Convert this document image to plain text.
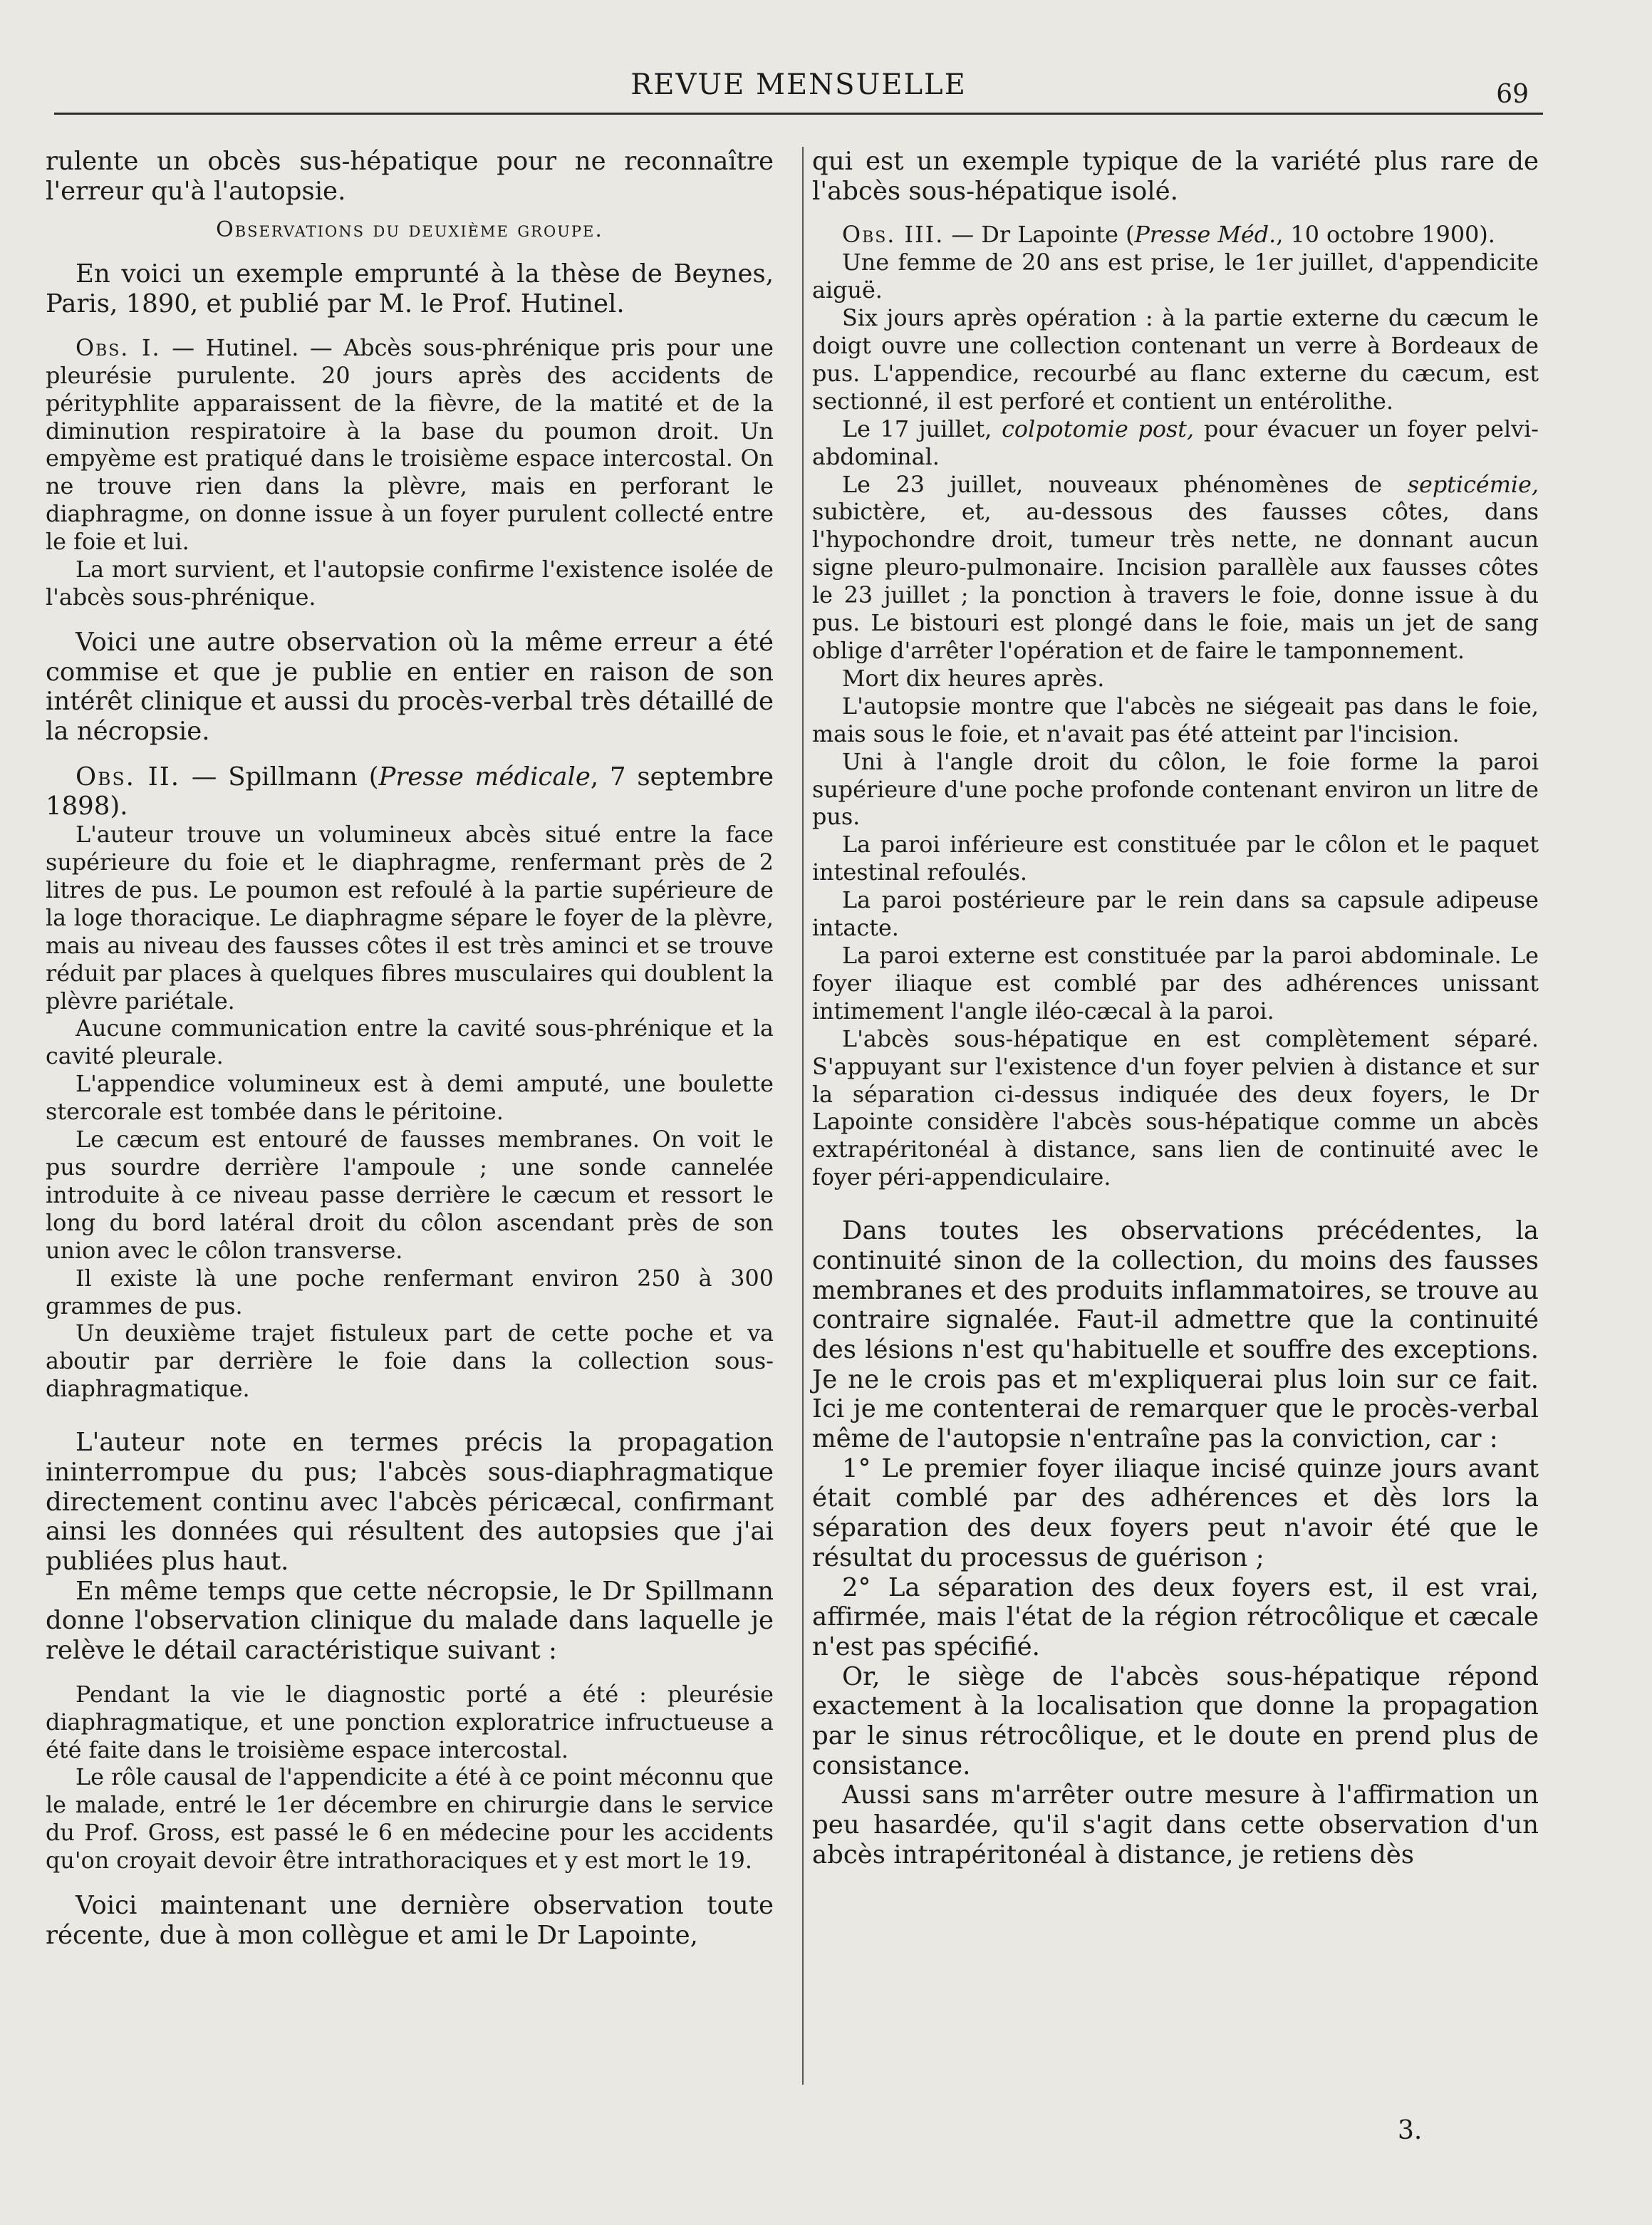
REVUE MENSUELLE	69

rulente un obcès sus-hépatique pour ne reconnaître l'erreur qu'à l'autopsie.

Observations du deuxième groupe.

En voici un exemple emprunté à la thèse de Beynes, Paris, 1890, et publié par M. le Prof. Hutinel.

Obs. I. — Hutinel. — Abcès sous-phrénique pris pour une pleurésie purulente. 20 jours après des accidents de pérityphlite apparaissent de la fièvre, de la matité et de la diminution respiratoire à la base du poumon droit. Un empyème est pratiqué dans le troisième espace intercostal. On ne trouve rien dans la plèvre, mais en perforant le diaphragme, on donne issue à un foyer purulent collecté entre le foie et lui.

La mort survient, et l'autopsie confirme l'existence isolée de l'abcès sous-phrénique.

Voici une autre observation où la même erreur a été commise et que je publie en entier en raison de son intérêt clinique et aussi du procès-verbal très détaillé de la nécropsie.

Obs. II. — Spillmann (Presse médicale, 7 septembre 1898).

L'auteur trouve un volumineux abcès situé entre la face supérieure du foie et le diaphragme, renfermant près de 2 litres de pus. Le poumon est refoulé à la partie supérieure de la loge thoracique. Le diaphragme sépare le foyer de la plèvre, mais au niveau des fausses côtes il est très aminci et se trouve réduit par places à quelques fibres musculaires qui doublent la plèvre pariétale.

Aucune communication entre la cavité sous-phrénique et la cavité pleurale.

L'appendice volumineux est à demi amputé, une boulette stercorale est tombée dans le péritoine.

Le cæcum est entouré de fausses membranes. On voit le pus sourdre derrière l'ampoule ; une sonde cannelée introduite à ce niveau passe derrière le cæcum et ressort le long du bord latéral droit du côlon ascendant près de son union avec le côlon transverse.

Il existe là une poche renfermant environ 250 à 300 grammes de pus.

Un deuxième trajet fistuleux part de cette poche et va aboutir par derrière le foie dans la collection sous-diaphragmatique.

L'auteur note en termes précis la propagation ininterrompue du pus; l'abcès sous-diaphragmatique directement continu avec l'abcès péricæcal, confirmant ainsi les données qui résultent des autopsies que j'ai publiées plus haut.

En même temps que cette nécropsie, le Dr Spillmann donne l'observation clinique du malade dans laquelle je relève le détail caractéristique suivant :

Pendant la vie le diagnostic porté a été : pleurésie diaphragmatique, et une ponction exploratrice infructueuse a été faite dans le troisième espace intercostal.

Le rôle causal de l'appendicite a été à ce point méconnu que le malade, entré le 1er décembre en chirurgie dans le service du Prof. Gross, est passé le 6 en médecine pour les accidents qu'on croyait devoir être intrathoraciques et y est mort le 19.

Voici maintenant une dernière observation toute récente, due à mon collègue et ami le Dr Lapointe,

qui est un exemple typique de la variété plus rare de l'abcès sous-hépatique isolé.

Obs. III. — Dr Lapointe (Presse Méd., 10 octobre 1900).

Une femme de 20 ans est prise, le 1er juillet, d'appendicite aiguë.

Six jours après opération : à la partie externe du cæcum le doigt ouvre une collection contenant un verre à Bordeaux de pus. L'appendice, recourbé au flanc externe du cæcum, est sectionné, il est perforé et contient un entérolithe.

Le 17 juillet, colpotomie post, pour évacuer un foyer pelvi-abdominal.

Le 23 juillet, nouveaux phénomènes de septicémie, subictère, et, au-dessous des fausses côtes, dans l'hypochondre droit, tumeur très nette, ne donnant aucun signe pleuro-pulmonaire. Incision parallèle aux fausses côtes le 23 juillet ; la ponction à travers le foie, donne issue à du pus. Le bistouri est plongé dans le foie, mais un jet de sang oblige d'arrêter l'opération et de faire le tamponnement.

Mort dix heures après.

L'autopsie montre que l'abcès ne siégeait pas dans le foie, mais sous le foie, et n'avait pas été atteint par l'incision.

Uni à l'angle droit du côlon, le foie forme la paroi supérieure d'une poche profonde contenant environ un litre de pus.

La paroi inférieure est constituée par le côlon et le paquet intestinal refoulés.

La paroi postérieure par le rein dans sa capsule adipeuse intacte.

La paroi externe est constituée par la paroi abdominale. Le foyer iliaque est comblé par des adhérences unissant intimement l'angle iléo-cæcal à la paroi.

L'abcès sous-hépatique en est complètement séparé. S'appuyant sur l'existence d'un foyer pelvien à distance et sur la séparation ci-dessus indiquée des deux foyers, le Dr Lapointe considère l'abcès sous-hépatique comme un abcès extrapéritonéal à distance, sans lien de continuité avec le foyer péri-appendiculaire.

Dans toutes les observations précédentes, la continuité sinon de la collection, du moins des fausses membranes et des produits inflammatoires, se trouve au contraire signalée. Faut-il admettre que la continuité des lésions n'est qu'habituelle et souffre des exceptions. Je ne le crois pas et m'expliquerai plus loin sur ce fait. Ici je me contenterai de remarquer que le procès-verbal même de l'autopsie n'entraîne pas la conviction, car :

1° Le premier foyer iliaque incisé quinze jours avant était comblé par des adhérences et dès lors la séparation des deux foyers peut n'avoir été que le résultat du processus de guérison ;

2° La séparation des deux foyers est, il est vrai, affirmée, mais l'état de la région rétrocôlique et cæcale n'est pas spécifié.

Or, le siège de l'abcès sous-hépatique répond exactement à la localisation que donne la propagation par le sinus rétrocôlique, et le doute en prend plus de consistance.

Aussi sans m'arrêter outre mesure à l'affirmation un peu hasardée, qu'il s'agit dans cette observation d'un abcès intrapéritonéal à distance, je retiens dès

3.
